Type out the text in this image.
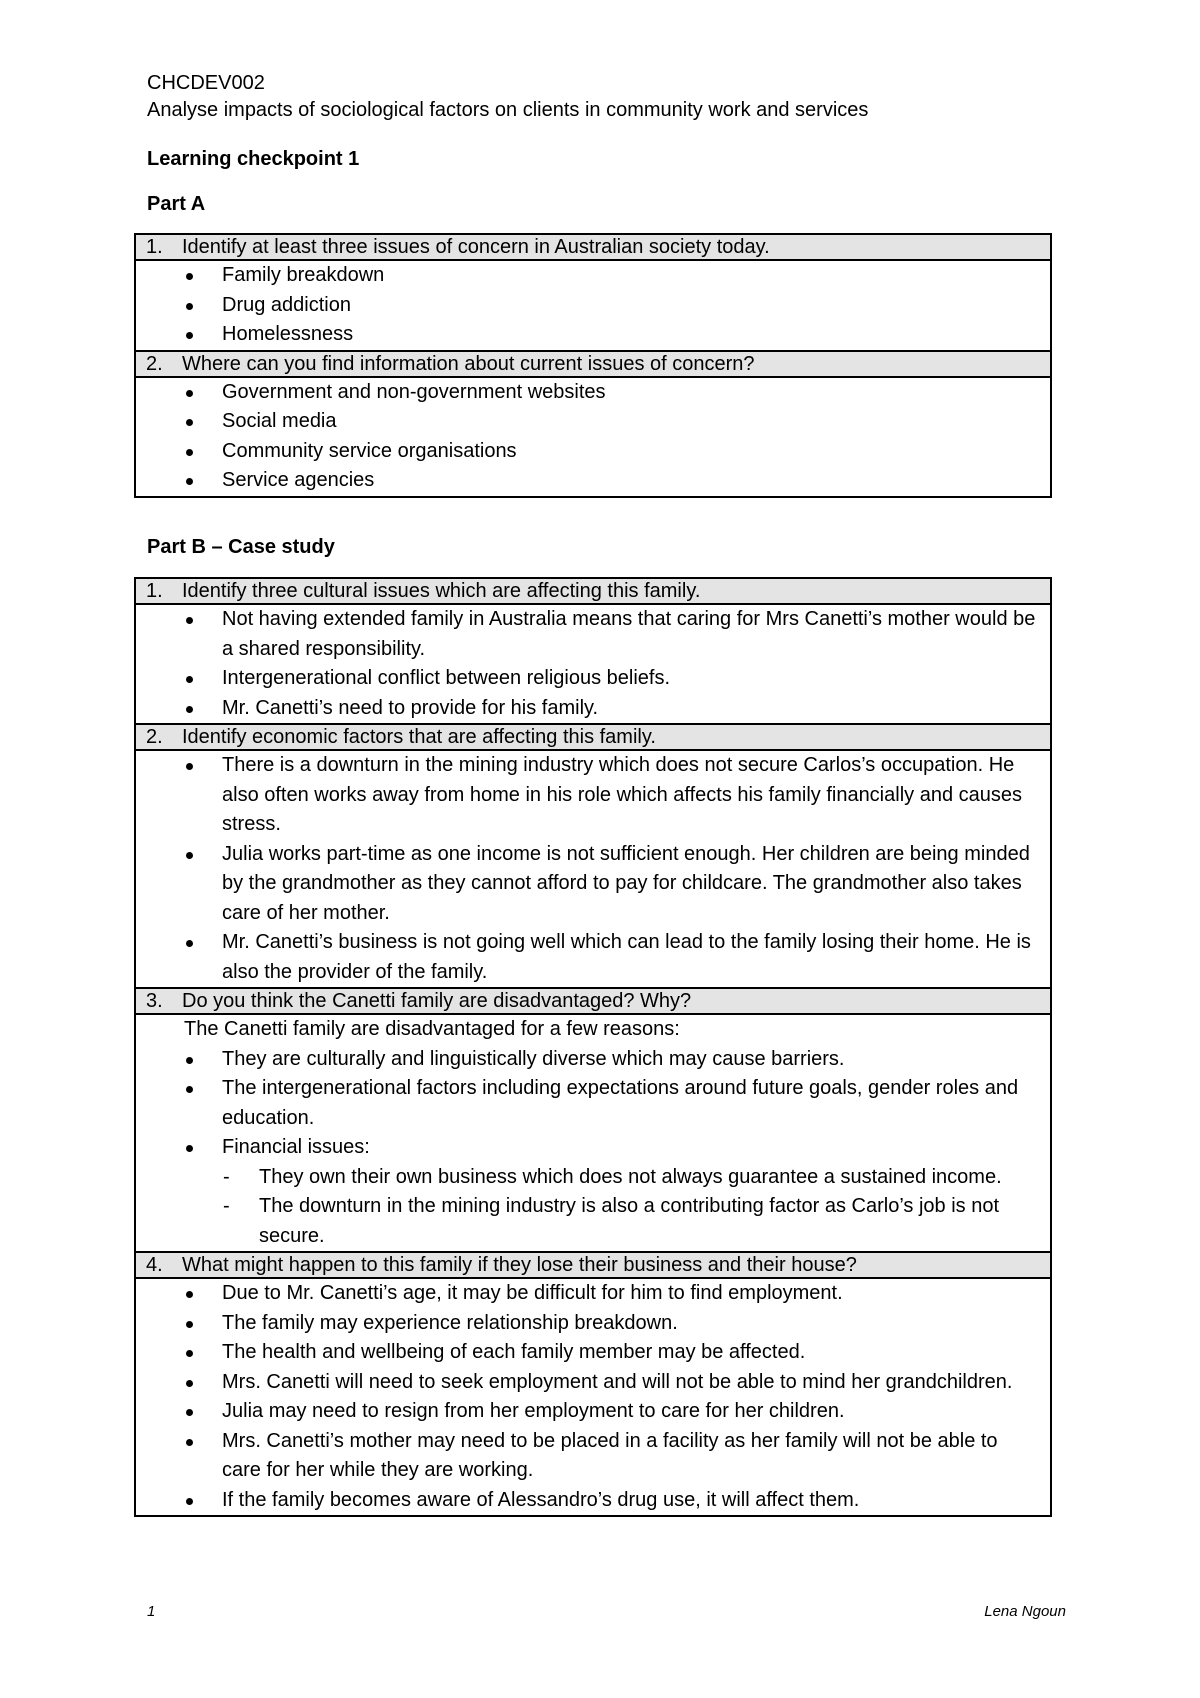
CHCDEV002
Analyse impacts of sociological factors on clients in community work and services
Learning checkpoint 1
Part A
1. Identify at least three issues of concern in Australian society today.

Family breakdown
Drug addiction
Homelessness

2. Where can you find information about current issues of concern?

Government and non-government websites
Social media
Community service organisations
Service agencies
Part B – Case study
1. Identify three cultural issues which are affecting this family.

Not having extended family in Australia means that caring for Mrs Canetti’s mother would be a shared responsibility.
Intergenerational conflict between religious beliefs.
Mr. Canetti’s need to provide for his family.

2. Identify economic factors that are affecting this family.

There is a downturn in the mining industry which does not secure Carlos’s occupation. He also often works away from home in his role which affects his family financially and causes stress.
Julia works part-time as one income is not sufficient enough. Her children are being minded by the grandmother as they cannot afford to pay for childcare. The grandmother also takes care of her mother.
Mr. Canetti’s business is not going well which can lead to the family losing their home. He is also the provider of the family.

3. Do you think the Canetti family are disadvantaged? Why?

The Canetti family are disadvantaged for a few reasons:
They are culturally and linguistically diverse which may cause barriers.
The intergenerational factors including expectations around future goals, gender roles and education.
Financial issues:
- They own their own business which does not always guarantee a sustained income.
- The downturn in the mining industry is also a contributing factor as Carlo’s job is not secure.

4. What might happen to this family if they lose their business and their house?

Due to Mr. Canetti’s age, it may be difficult for him to find employment.
The family may experience relationship breakdown.
The health and wellbeing of each family member may be affected.
Mrs. Canetti will need to seek employment and will not be able to mind her grandchildren.
Julia may need to resign from her employment to care for her children.
Mrs. Canetti’s mother may need to be placed in a facility as her family will not be able to care for her while they are working.
If the family becomes aware of Alessandro’s drug use, it will affect them.
1	Lena Ngoun
